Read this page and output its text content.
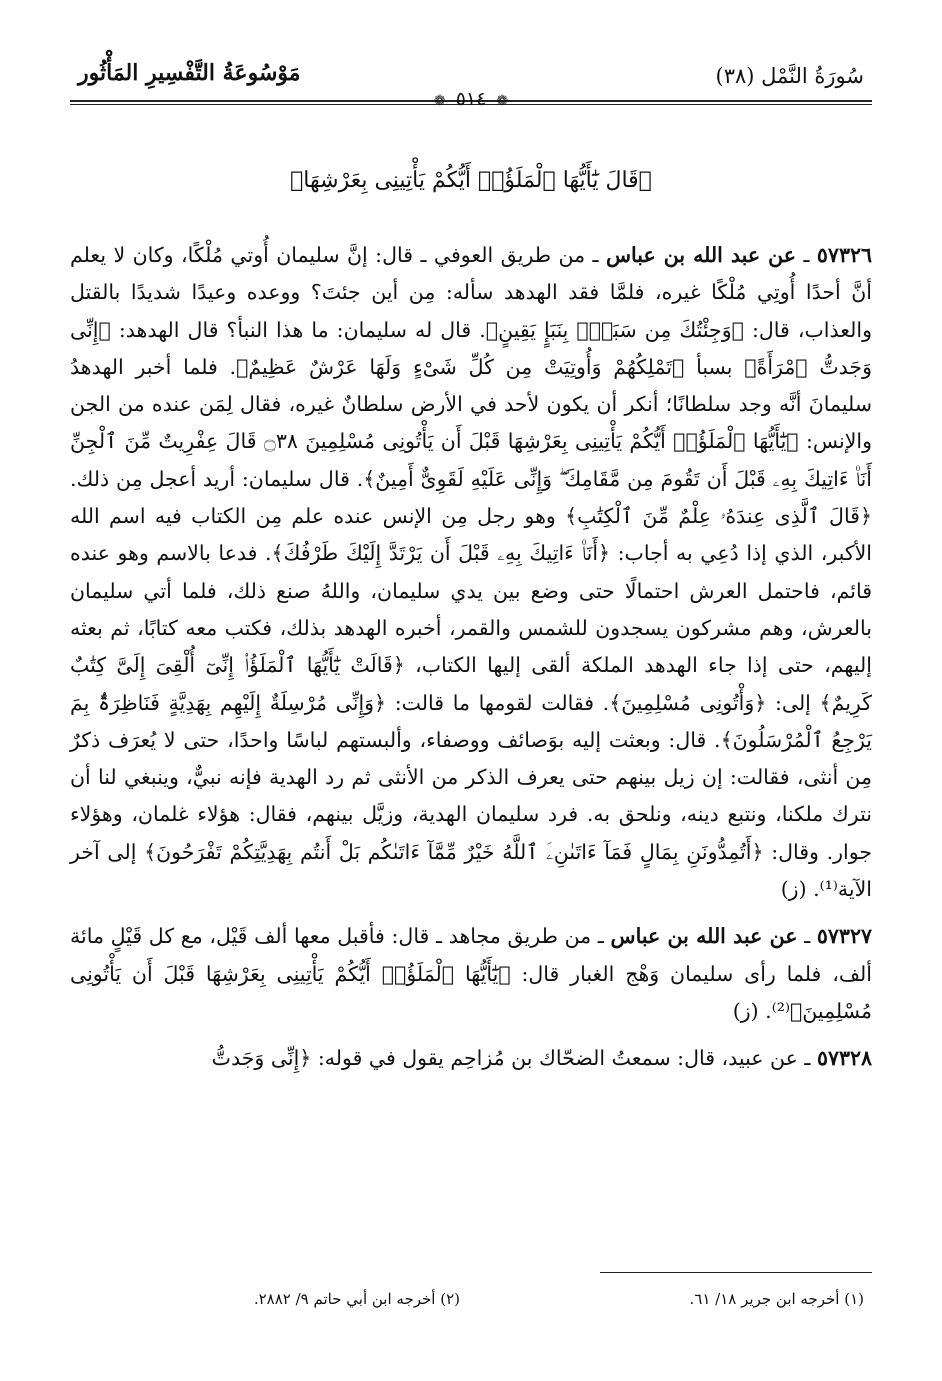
سُورَةُ النَّمْل (٣٨)
مَوْسُوعَةُ التَّفْسِيرِ المَأْثُور
❁ ٥١٤ ❁
﴿قَالَ يَٰٓأَيُّهَا ٱلْمَلَؤُا۟ أَيُّكُمْ يَأْتِينِى بِعَرْشِهَا﴾

٥٧٣٢٦ ـ عن عبد الله بن عباس ـ من طريق العوفي ـ قال: إنَّ سليمان أُوتي مُلْكًا، وكان لا يعلم أنَّ أحدًا أُوتِي مُلْكًا غيره، فلمَّا فقد الهدهد سأله: مِن أين جئتَ؟ ووعده وعيدًا شديدًا بالقتل والعذاب، قال: ﴿وَجِئْتُكَ مِن سَبَإٍۭ بِنَبَإٍ يَقِينٍ﴾. قال له سليمان: ما هذا النبأ؟ قال الهدهد: ﴿إِنِّى وَجَدتُّ ٱمْرَأَةً﴾ بسبأ ﴿تَمْلِكُهُمْ وَأُوتِيَتْ مِن كُلِّ شَىْءٍ وَلَهَا عَرْشٌ عَظِيمٌ﴾. فلما أخبر الهدهدُ سليمانَ أنَّه وجد سلطانًا؛ أنكر أن يكون لأحد في الأرض سلطانٌ غيره، فقال لِمَن عنده من الجن والإنس: ﴿يَٰٓأَيُّهَا ٱلْمَلَؤُا۟ أَيُّكُمْ يَأْتِينِى بِعَرْشِهَا قَبْلَ أَن يَأْتُونِى مُسْلِمِينَ ۝٣٨ قَالَ عِفْرِيتٌ مِّنَ ٱلْجِنِّ أَنَا۠ ءَاتِيكَ بِهِۦ قَبْلَ أَن تَقُومَ مِن مَّقَامِكَ ۖ وَإِنِّى عَلَيْهِ لَقَوِىٌّ أَمِينٌ﴾. قال سليمان: أريد أعجل مِن ذلك. ﴿قَالَ ٱلَّذِى عِندَهُۥ عِلْمٌ مِّنَ ٱلْكِتَٰبِ﴾ وهو رجل مِن الإنس عنده علم مِن الكتاب فيه اسم الله الأكبر، الذي إذا دُعِي به أجاب: ﴿أَنَا۠ ءَاتِيكَ بِهِۦ قَبْلَ أَن يَرْتَدَّ إِلَيْكَ طَرْفُكَ﴾. فدعا بالاسم وهو عنده قائم، فاحتمل العرش احتمالًا حتى وضع بين يدي سليمان، واللهُ صنع ذلك، فلما أتي سليمان بالعرش، وهم مشركون يسجدون للشمس والقمر، أخبره الهدهد بذلك، فكتب معه كتابًا، ثم بعثه إليهم، حتى إذا جاء الهدهد الملكة ألقى إليها الكتاب، ﴿قَالَتْ يَٰٓأَيُّهَا ٱلْمَلَؤُا۟ إِنِّىٓ أُلْقِىَ إِلَىَّ كِتَٰبٌ كَرِيمٌ﴾ إلى: ﴿وَأْتُونِى مُسْلِمِينَ﴾. فقالت لقومها ما قالت: ﴿وَإِنِّى مُرْسِلَةٌ إِلَيْهِم بِهَدِيَّةٍ فَنَاظِرَةٌۢ بِمَ يَرْجِعُ ٱلْمُرْسَلُونَ﴾. قال: وبعثت إليه بوَصائف ووصفاء، وألبستهم لباسًا واحدًا، حتى لا يُعرَف ذكرٌ مِن أنثى، فقالت: إن زيل بينهم حتى يعرف الذكر من الأنثى ثم رد الهدية فإنه نبيٌّ، وينبغي لنا أن نترك ملكنا، ونتبع دينه، ونلحق به. فرد سليمان الهدية، وزيَّل بينهم، فقال: هؤلاء غلمان، وهؤلاء جوار. وقال: ﴿أَتُمِدُّونَنِ بِمَالٍ فَمَآ ءَاتَىٰنِۦَ ٱللَّهُ خَيْرٌ مِّمَّآ ءَاتَىٰكُم بَلْ أَنتُم بِهَدِيَّتِكُمْ تَفْرَحُونَ﴾ إلى آخر الآية⁽¹⁾. (ز)

٥٧٣٢٧ ـ عن عبد الله بن عباس ـ من طريق مجاهد ـ قال: فأقبل معها ألف قَيْل، مع كل قَيْلٍ مائة ألف، فلما رأى سليمان وَهْج الغبار قال: ﴿يَٰٓأَيُّهَا ٱلْمَلَؤُا۟ أَيُّكُمْ يَأْتِينِى بِعَرْشِهَا قَبْلَ أَن يَأْتُونِى مُسْلِمِينَ﴾⁽²⁾. (ز)

٥٧٣٢٨ ـ عن عبيد، قال: سمعتُ الضحّاك بن مُزاحِم يقول في قوله: ﴿إِنِّى وَجَدتُّ

(١) أخرجه ابن جرير ١٨/ ٦١.
(٢) أخرجه ابن أبي حاتم ٩/ ٢٨٨٢.
